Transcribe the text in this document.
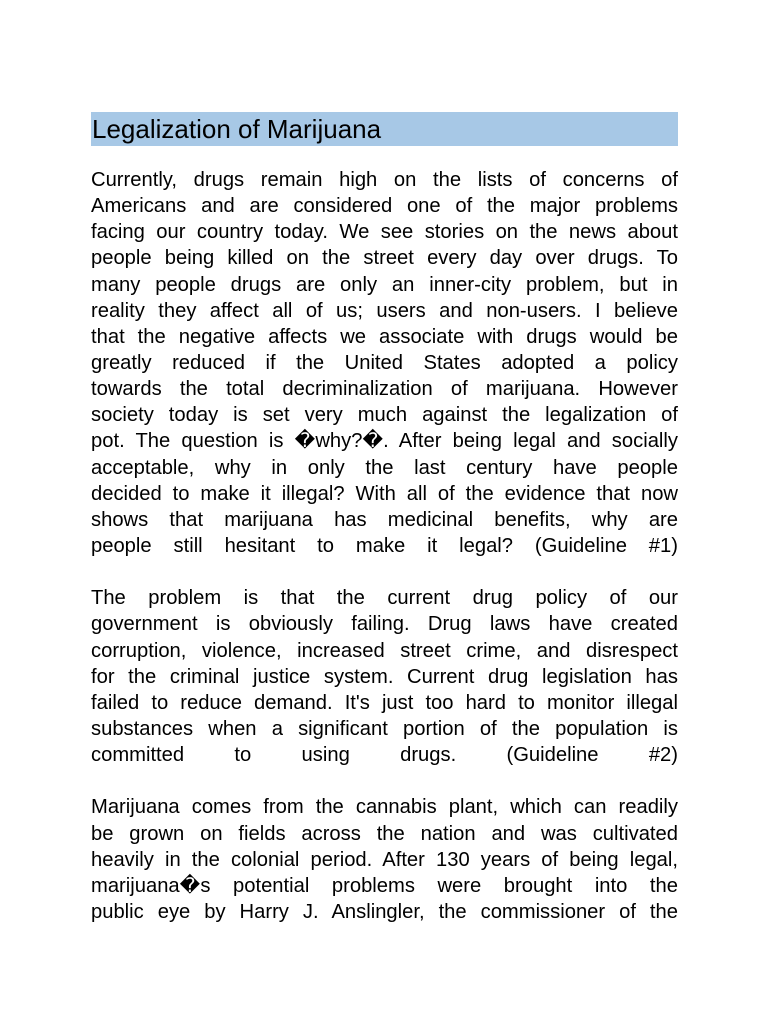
Legalization of Marijuana
Currently, drugs remain high on the lists of concerns of
Americans and are considered one of the major problems
facing our country today. We see stories on the news about
people being killed on the street every day over drugs. To
many people drugs are only an inner-city problem, but in
reality they affect all of us; users and non-users. I believe
that the negative affects we associate with drugs would be
greatly reduced if the United States adopted a policy
towards the total decriminalization of marijuana. However
society today is set very much against the legalization of
pot. The question is �why?�. After being legal and socially
acceptable, why in only the last century have people
decided to make it illegal? With all of the evidence that now
shows that marijuana has medicinal benefits, why are
people still hesitant to make it legal? (Guideline #1)
The problem is that the current drug policy of our
government is obviously failing. Drug laws have created
corruption, violence, increased street crime, and disrespect
for the criminal justice system. Current drug legislation has
failed to reduce demand. It's just too hard to monitor illegal
substances when a significant portion of the population is
committed to using drugs. (Guideline #2)
Marijuana comes from the cannabis plant, which can readily
be grown on fields across the nation and was cultivated
heavily in the colonial period. After 130 years of being legal,
marijuana�s potential problems were brought into the
public eye by Harry J. Anslingler, the commissioner of the
